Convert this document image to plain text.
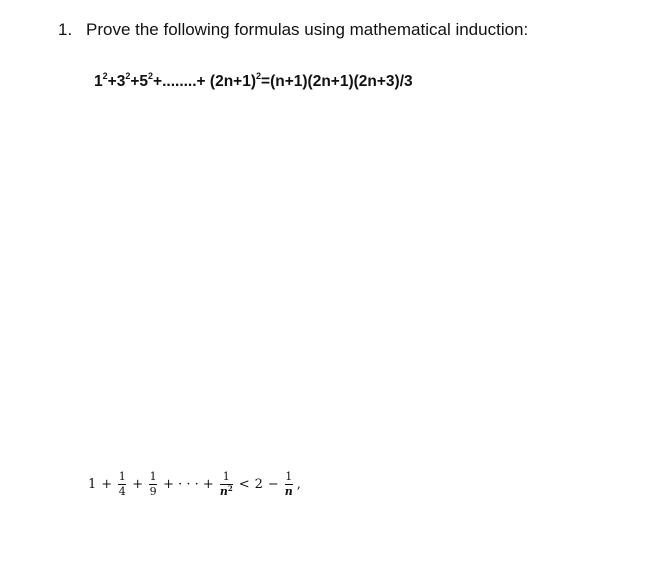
1. Prove the following formulas using mathematical induction:
$1^2+3^2+5^2+........+ (2n+1)^2=(n+1)(2n+1)(2n+3)/3$
$1 + \frac{1}{4} + \frac{1}{9}$ + · · · + $\frac{1}{n^2} < 2 - \frac{1}{n}$ ,
